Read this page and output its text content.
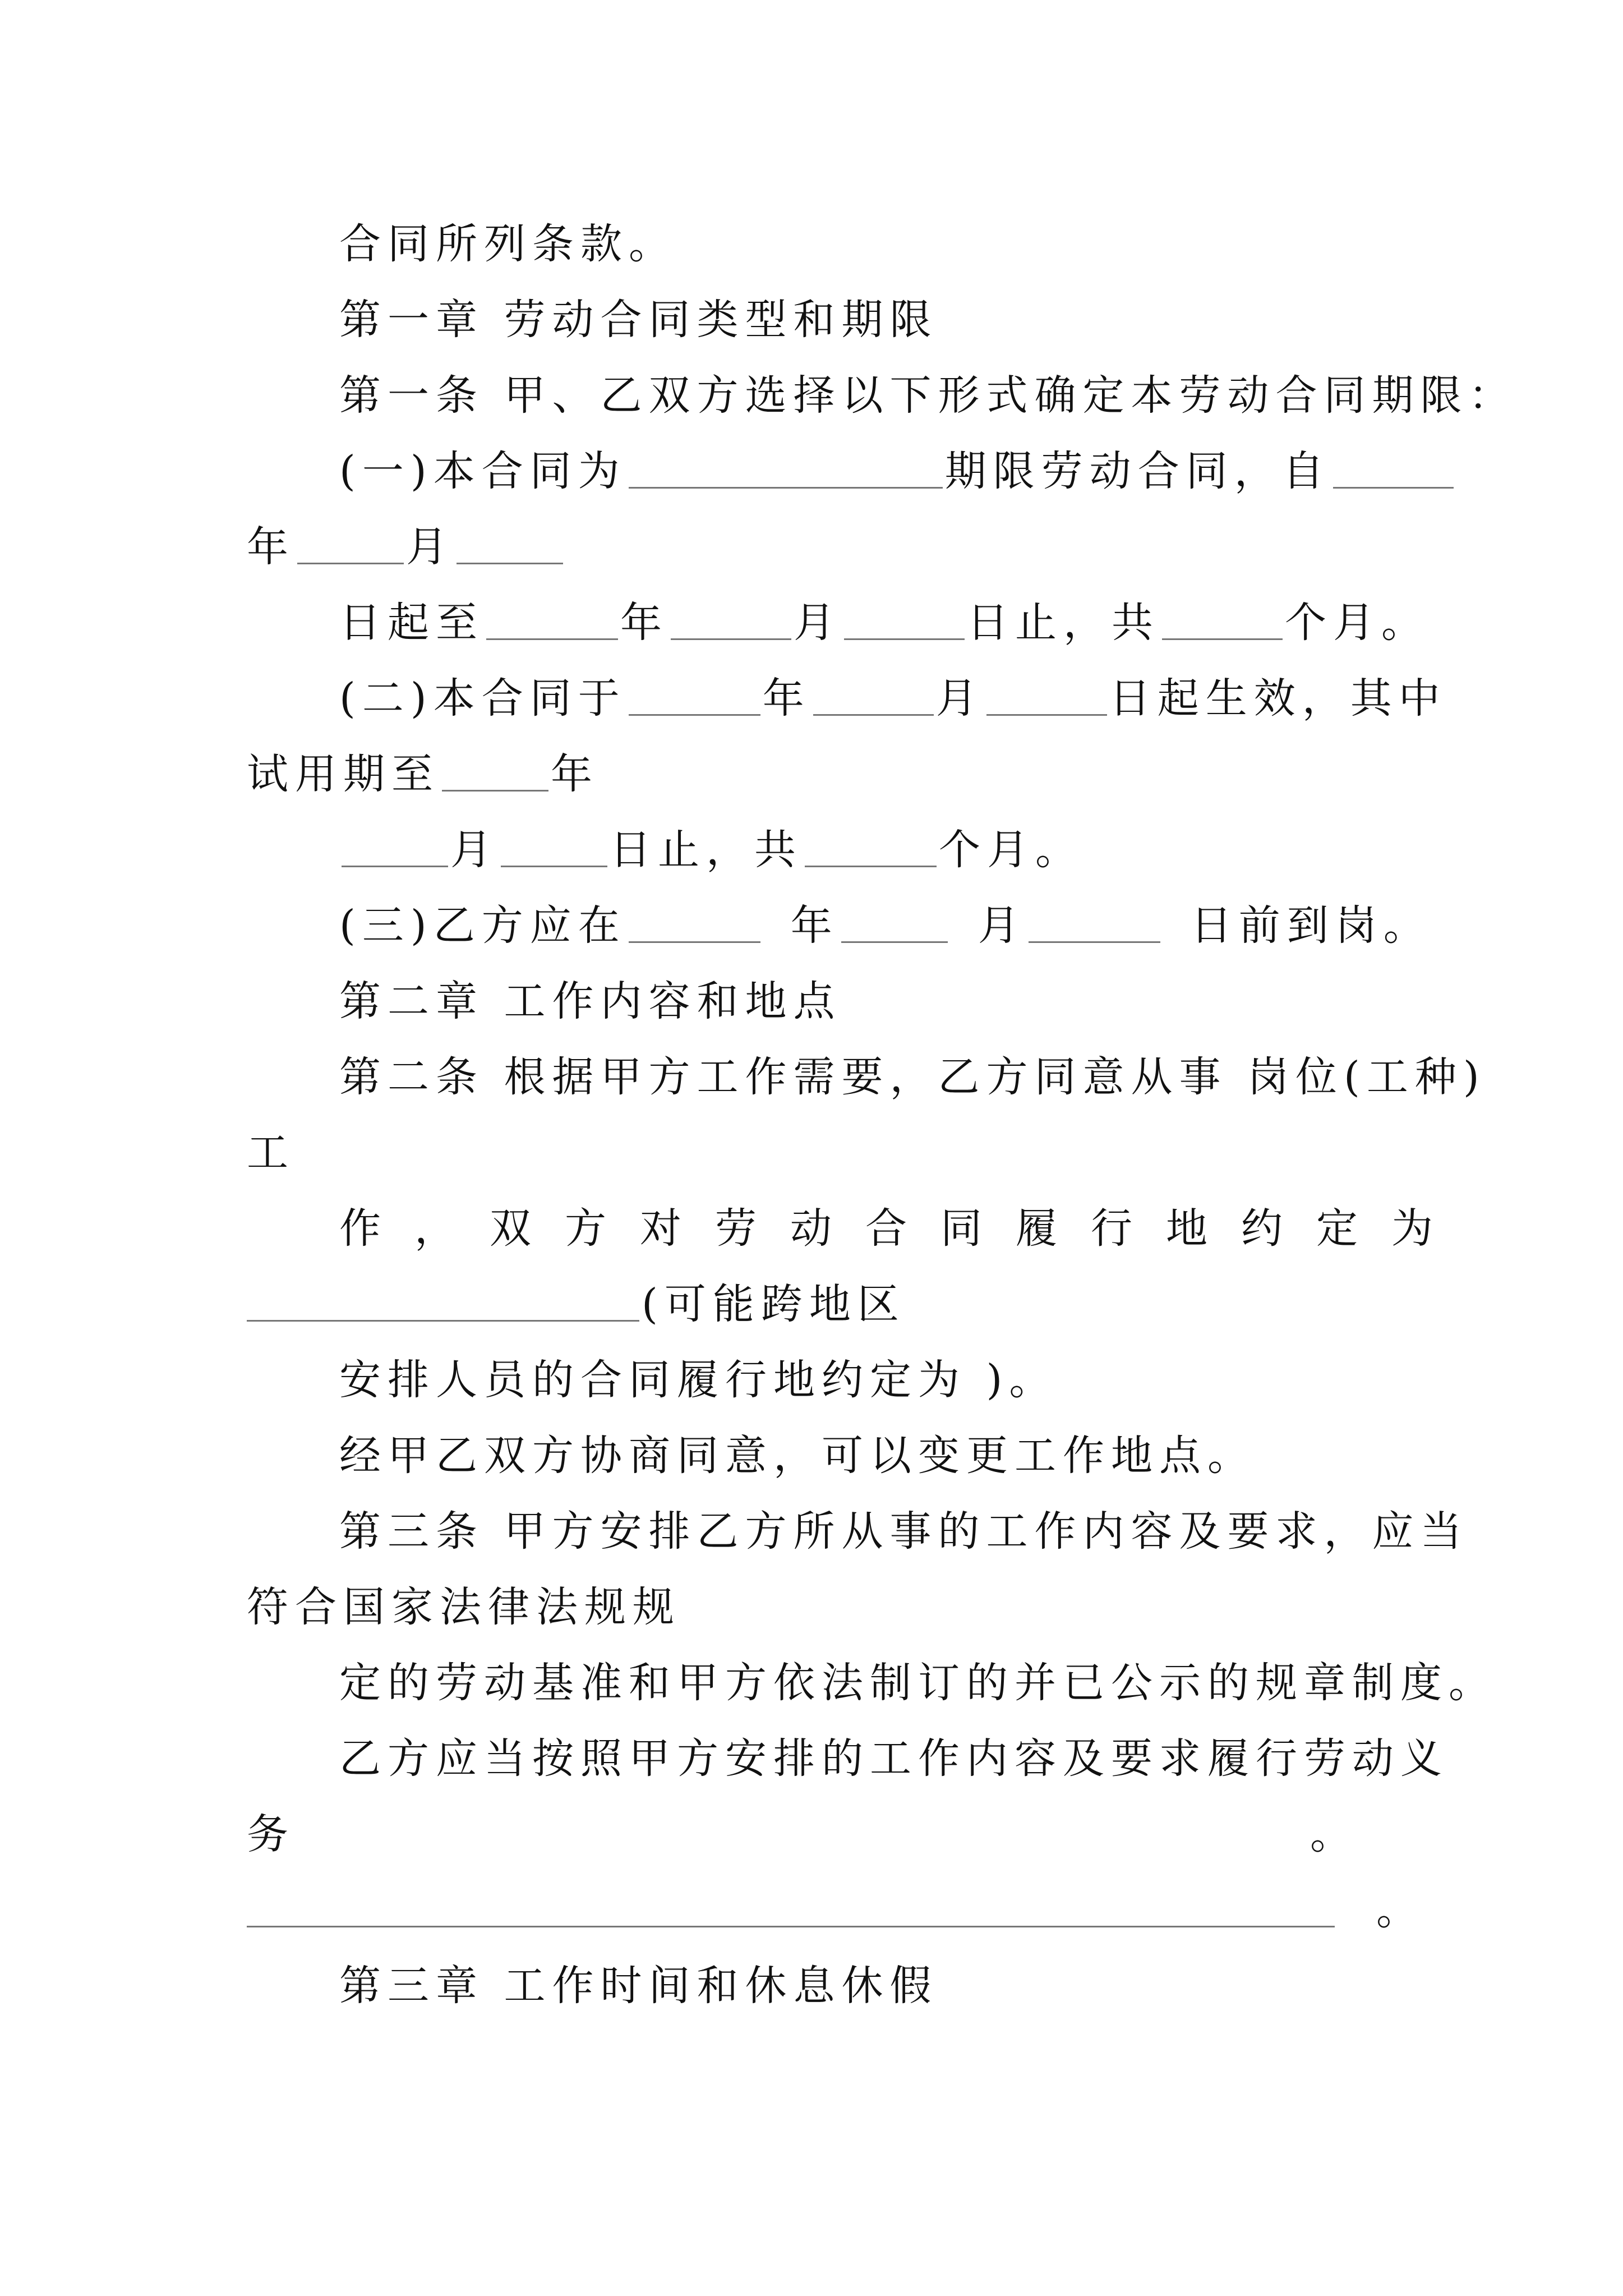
合同所列条款。
第一章 劳动合同类型和期限
第一条 甲、乙双方选择以下形式确定本劳动合同期限：
(一)本合同为	期限劳动合同，自
年	月
日起至	年	月	日止，共	个月。
(二)本合同于	年	月	日起生效，其中
试用期至	年
月	日止，共	个月。
(三)乙方应在	年	月	日前到岗。
第二章 工作内容和地点
第二条 根据甲方工作需要，乙方同意从事 岗位(工种)
工
作，双方对劳动合同履行地约定为
(可能跨地区
安排人员的合同履行地约定为 )。
经甲乙双方协商同意，可以变更工作地点。
第三条 甲方安排乙方所从事的工作内容及要求，应当
符合国家法律法规规
定的劳动基准和甲方依法制订的并已公示的规章制度。
乙方应当按照甲方安排的工作内容及要求履行劳动义
务	。
。
第三章 工作时间和休息休假
